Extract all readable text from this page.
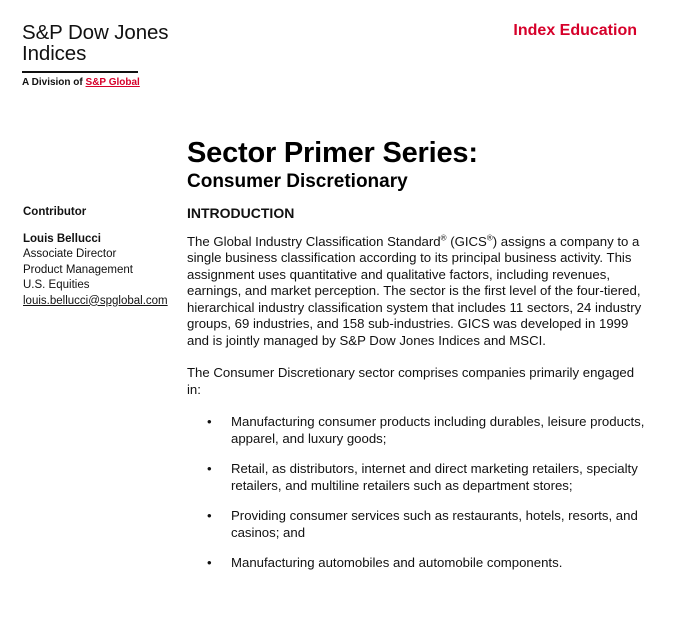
S&P Dow Jones
Indices
A Division of S&P Global
Index Education
Sector Primer Series:
Consumer Discretionary
Contributor
Louis Bellucci
Associate Director
Product Management
U.S. Equities
louis.bellucci@spglobal.com
INTRODUCTION

The Global Industry Classification Standard® (GICS®) assigns a company to a single business classification according to its principal business activity. This assignment uses quantitative and qualitative factors, including revenues, earnings, and market perception. The sector is the first level of the four-tiered, hierarchical industry classification system that includes 11 sectors, 24 industry groups, 69 industries, and 158 sub-industries. GICS was developed in 1999 and is jointly managed by S&P Dow Jones Indices and MSCI.

The Consumer Discretionary sector comprises companies primarily engaged in:

• Manufacturing consumer products including durables, leisure products, apparel, and luxury goods;
• Retail, as distributors, internet and direct marketing retailers, specialty retailers, and multiline retailers such as department stores;
• Providing consumer services such as restaurants, hotels, resorts, and casinos; and
• Manufacturing automobiles and automobile components.
